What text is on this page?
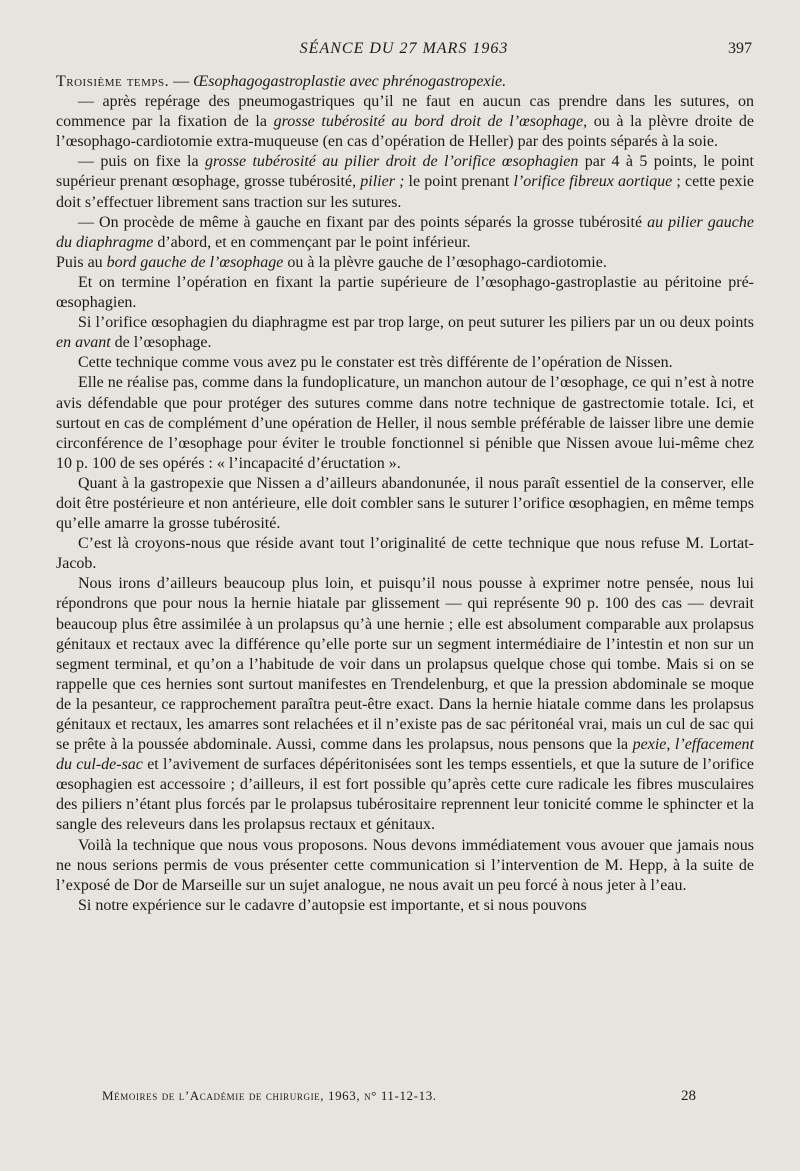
SÉANCE DU 27 MARS 1963	397

Troisième temps. — Œsophagogastroplastie avec phrénogastropexie.

— après repérage des pneumogastriques qu’il ne faut en aucun cas prendre dans les sutures, on commence par la fixation de la grosse tubérosité au bord droit de l’œsophage, ou à la plèvre droite de l’œsophago-cardiotomie extra-muqueuse (en cas d’opération de Heller) par des points séparés à la soie.

— puis on fixe la grosse tubérosité au pilier droit de l’orifice œsophagien par 4 à 5 points, le point supérieur prenant œsophage, grosse tubérosité, pilier ; le point prenant l’orifice fibreux aortique ; cette pexie doit s’effectuer librement sans traction sur les sutures.

— On procède de même à gauche en fixant par des points séparés la grosse tubérosité au pilier gauche du diaphragme d’abord, et en commençant par le point inférieur.

Puis au bord gauche de l’œsophage ou à la plèvre gauche de l’œsophago-cardiotomie.

Et on termine l’opération en fixant la partie supérieure de l’œsophago-gastroplastie au péritoine pré-œsophagien.

Si l’orifice œsophagien du diaphragme est par trop large, on peut suturer les piliers par un ou deux points en avant de l’œsophage.

Cette technique comme vous avez pu le constater est très différente de l’opération de Nissen.

Elle ne réalise pas, comme dans la fundoplicature, un manchon autour de l’œsophage, ce qui n’est à notre avis défendable que pour protéger des sutures comme dans notre technique de gastrectomie totale. Ici, et surtout en cas de complément d’une opération de Heller, il nous semble préférable de laisser libre une demie circonférence de l’œsophage pour éviter le trouble fonctionnel si pénible que Nissen avoue lui-même chez 10 p. 100 de ses opérés : « l’incapacité d’éructation ».

Quant à la gastropexie que Nissen a d’ailleurs abandonunée, il nous paraît essentiel de la conserver, elle doit être postérieure et non antérieure, elle doit combler sans le suturer l’orifice œsophagien, en même temps qu’elle amarre la grosse tubérosité.

C’est là croyons-nous que réside avant tout l’originalité de cette technique que nous refuse M. Lortat-Jacob.

Nous irons d’ailleurs beaucoup plus loin, et puisqu’il nous pousse à exprimer notre pensée, nous lui répondrons que pour nous la hernie hiatale par glissement — qui représente 90 p. 100 des cas — devrait beaucoup plus être assimilée à un prolapsus qu’à une hernie ; elle est absolument comparable aux prolapsus génitaux et rectaux avec la différence qu’elle porte sur un segment intermédiaire de l’intestin et non sur un segment terminal, et qu’on a l’habitude de voir dans un prolapsus quelque chose qui tombe. Mais si on se rappelle que ces hernies sont surtout manifestes en Trendelenburg, et que la pression abdominale se moque de la pesanteur, ce rapprochement paraîtra peut-être exact. Dans la hernie hiatale comme dans les prolapsus génitaux et rectaux, les amarres sont relachées et il n’existe pas de sac péritonéal vrai, mais un cul de sac qui se prête à la poussée abdominale. Aussi, comme dans les prolapsus, nous pensons que la pexie, l’effacement du cul-de-sac et l’avivement de surfaces dépéritonisées sont les temps essentiels, et que la suture de l’orifice œsophagien est accessoire ; d’ailleurs, il est fort possible qu’après cette cure radicale les fibres musculaires des piliers n’étant plus forcés par le prolapsus tubérositaire reprennent leur tonicité comme le sphincter et la sangle des releveurs dans les prolapsus rectaux et génitaux.

Voilà la technique que nous vous proposons. Nous devons immédiatement vous avouer que jamais nous ne nous serions permis de vous présenter cette communication si l’intervention de M. Hepp, à la suite de l’exposé de Dor de Marseille sur un sujet analogue, ne nous avait un peu forcé à nous jeter à l’eau.

Si notre expérience sur le cadavre d’autopsie est importante, et si nous pouvons

Mémoires de l’Académie de chirurgie, 1963, n° 11-12-13.	28
